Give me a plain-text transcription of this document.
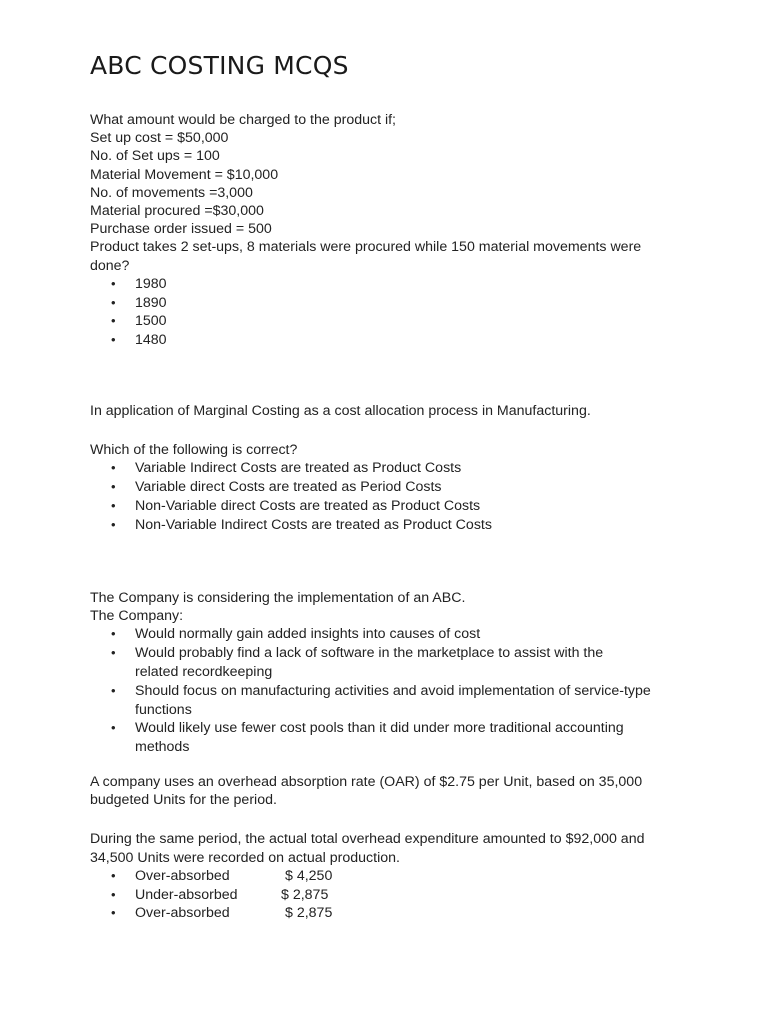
ABC COSTING MCQS
What amount would be charged to the product if;
Set up cost = $50,000
No. of Set ups = 100
Material Movement = $10,000
No. of movements =3,000
Material procured =$30,000
Purchase order issued = 500
Product takes 2 set-ups, 8 materials were procured while 150 material movements were done?
• 1980
• 1890
• 1500
• 1480
In application of Marginal Costing as a cost allocation process in Manufacturing.
Which of the following is correct?
• Variable Indirect Costs are treated as Product Costs
• Variable direct Costs are treated as Period Costs
• Non-Variable direct Costs are treated as Product Costs
• Non-Variable Indirect Costs are treated as Product Costs
The Company is considering the implementation of an ABC.
The Company:
• Would normally gain added insights into causes of cost
• Would probably find a lack of software in the marketplace to assist with the related recordkeeping
• Should focus on manufacturing activities and avoid implementation of service-type functions
• Would likely use fewer cost pools than it did under more traditional accounting methods
A company uses an overhead absorption rate (OAR) of $2.75 per Unit, based on 35,000 budgeted Units for the period.
During the same period, the actual total overhead expenditure amounted to $92,000 and 34,500 Units were recorded on actual production.
• Over-absorbed	$ 4,250
• Under-absorbed	$ 2,875
• Over-absorbed	$ 2,875
